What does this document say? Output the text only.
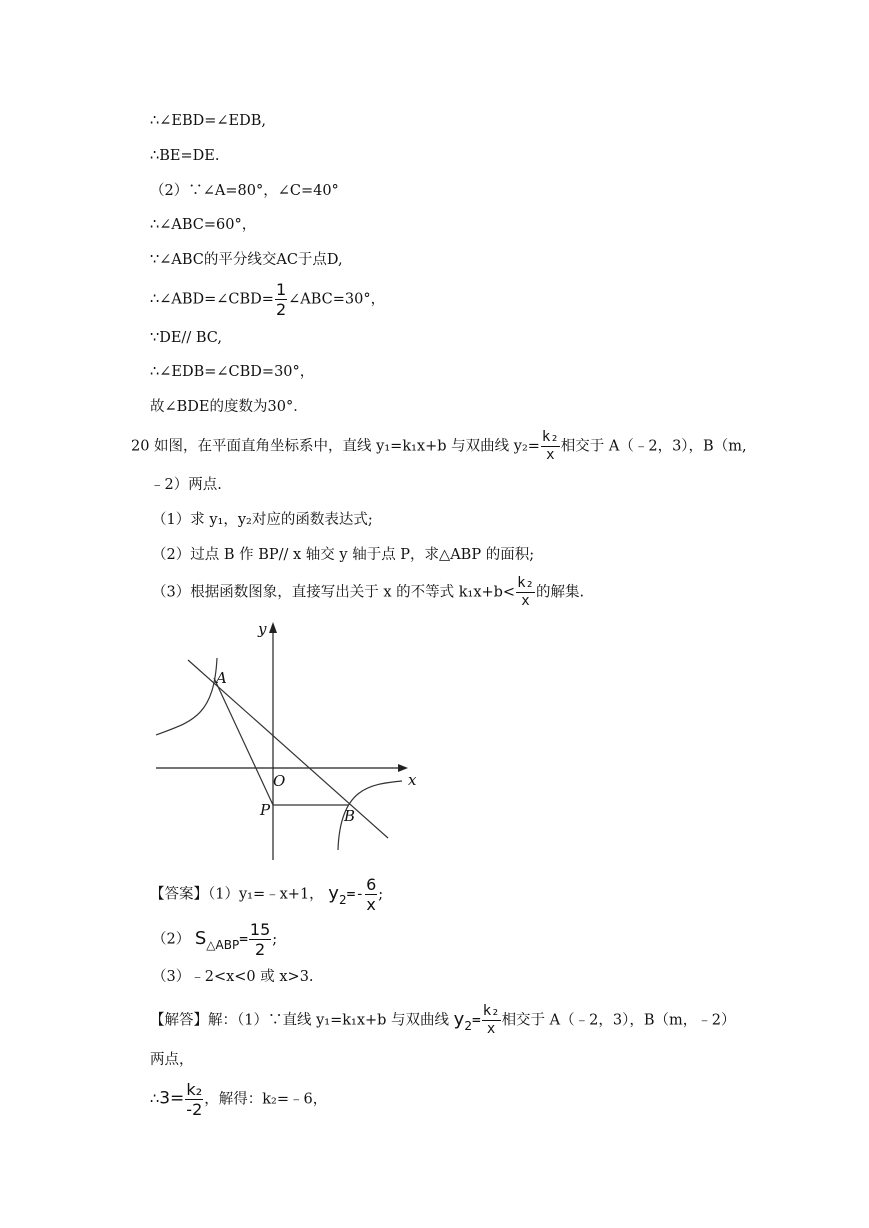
∴∠EBD=∠EDB,
∴BE=DE.
（2）∵∠A=80°，∠C=40°
∴∠ABC=60°，
∵∠ABC的平分线交AC于点D,
∴∠ABD=∠CBD= $\frac{1}{2}$ ∠ABC=30°，
∵DE// BC,
∴∠EDB=∠CBD=30°，
故∠BDE的度数为30°．
20 如图，在平面直角坐标系中，直线 y₁=k₁x+b 与双曲线 $y_2= \frac{\text{k₂}}{x}$ 相交于 A（﹣2，3），B（m,
﹣2）两点.
（1）求 y₁，y₂对应的函数表达式;
（2）过点 B 作 BP// x 轴交 y 轴于点 P，求△ABP 的面积;
（3）根据函数图象，直接写出关于 x 的不等式 $k_1x+b< \frac{\text{k₂}}{x}$ 的解集.
y
x
A
O
P	B
【答案】（1）y₁=﹣x+1， $y_2=- \frac{6}{x}$ ;
（2） $S_{\triangle ABP}= \frac{15}{2}$ ;
（3）﹣2<x<0 或 x>3.
【解答】解：（1）∵直线 y₁=k₁x+b 与双曲线 $y_2= \frac{\text{k₂}}{x}$ 相交于 A（﹣2，3），B（m，﹣2）
两点，
∴3= $\frac{\text{k₂}}{-2}$ ，解得：k₂=﹣6，
